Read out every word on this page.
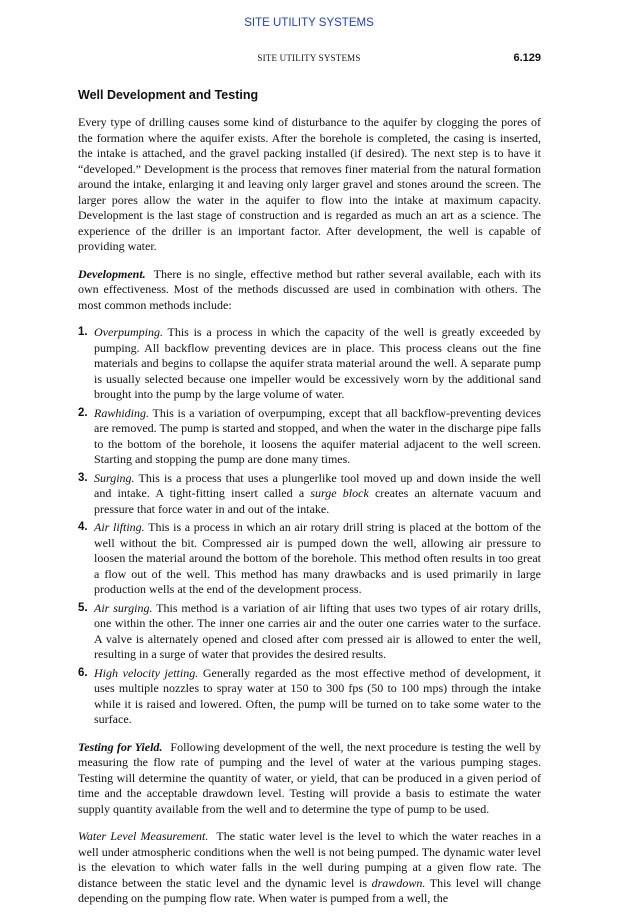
SITE UTILITY SYSTEMS
SITE UTILITY SYSTEMS	6.129
Well Development and Testing

Every type of drilling causes some kind of disturbance to the aquifer by clogging the pores of the formation where the aquifer exists. After the borehole is completed, the casing is inserted, the intake is attached, and the gravel packing installed (if desired). The next step is to have it “developed.” Development is the process that removes finer material from the natural formation around the intake, enlarging it and leaving only larger gravel and stones around the screen. The larger pores allow the water in the aquifer to flow into the intake at maximum capacity. Development is the last stage of construction and is regarded as much an art as a science. The experience of the driller is an important factor. After development, the well is capable of providing water.

Development. There is no single, effective method but rather several available, each with its own effectiveness. Most of the methods discussed are used in combination with others. The most common methods include:

1. Overpumping. This is a process in which the capacity of the well is greatly exceeded by pumping. All backflow preventing devices are in place. This process cleans out the fine materials and begins to collapse the aquifer strata material around the well. A separate pump is usually selected because one impeller would be excessively worn by the additional sand brought into the pump by the large volume of water.
2. Rawhiding. This is a variation of overpumping, except that all backflow-preventing devices are removed. The pump is started and stopped, and when the water in the discharge pipe falls to the bottom of the borehole, it loosens the aquifer material adjacent to the well screen. Starting and stopping the pump are done many times.
3. Surging. This is a process that uses a plungerlike tool moved up and down inside the well and intake. A tight-fitting insert called a surge block creates an alternate vacuum and pressure that force water in and out of the intake.
4. Air lifting. This is a process in which an air rotary drill string is placed at the bottom of the well without the bit. Compressed air is pumped down the well, allowing air pressure to loosen the material around the bottom of the borehole. This method often results in too great a flow out of the well. This method has many drawbacks and is used primarily in large production wells at the end of the development process.
5. Air surging. This method is a variation of air lifting that uses two types of air rotary drills, one within the other. The inner one carries air and the outer one carries water to the surface. A valve is alternately opened and closed after com pressed air is allowed to enter the well, resulting in a surge of water that provides the desired results.
6. High velocity jetting. Generally regarded as the most effective method of development, it uses multiple nozzles to spray water at 150 to 300 fps (50 to 100 mps) through the intake while it is raised and lowered. Often, the pump will be turned on to take some water to the surface.

Testing for Yield. Following development of the well, the next procedure is testing the well by measuring the flow rate of pumping and the level of water at the various pumping stages. Testing will determine the quantity of water, or yield, that can be produced in a given period of time and the acceptable drawdown level. Testing will provide a basis to estimate the water supply quantity available from the well and to determine the type of pump to be used.

Water Level Measurement. The static water level is the level to which the water reaches in a well under atmospheric conditions when the well is not being pumped. The dynamic water level is the elevation to which water falls in the well during pumping at a given flow rate. The distance between the static level and the dynamic level is drawdown. This level will change depending on the pumping flow rate. When water is pumped from a well, the
